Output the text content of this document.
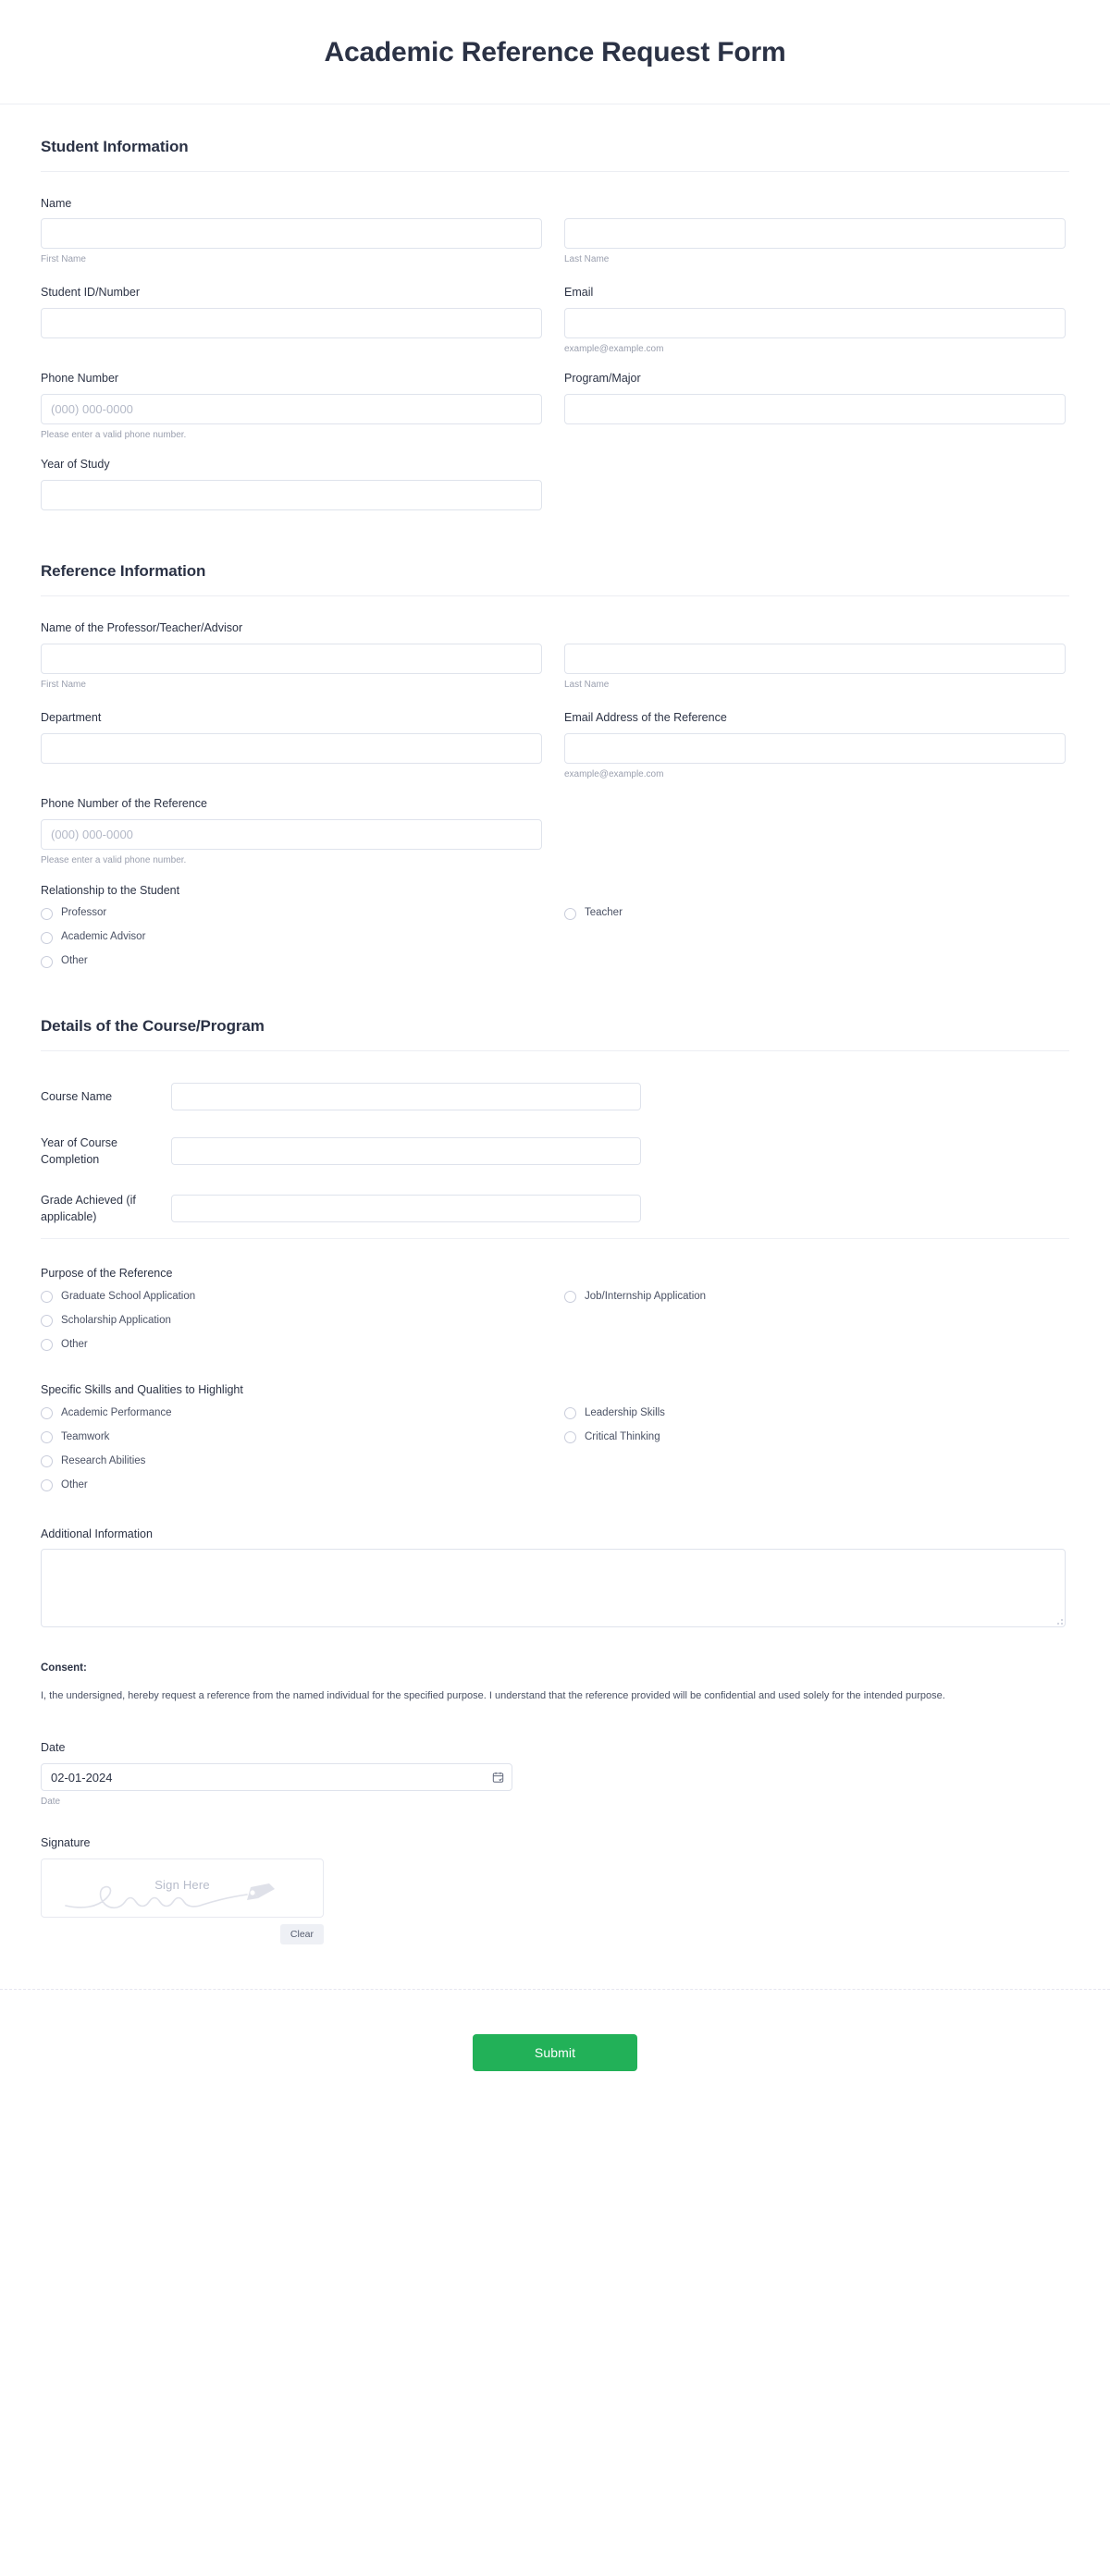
Academic Reference Request Form
Student Information
Name
First Name	Last Name
Student ID/Number	Email
example@example.com
Phone Number
(000) 000-0000
Please enter a valid phone number.
Program/Major
Year of Study
Reference Information
Name of the Professor/Teacher/Advisor
First Name	Last Name
Department	Email Address of the Reference
example@example.com
Phone Number of the Reference
(000) 000-0000
Please enter a valid phone number.
Relationship to the Student
Professor
Academic Advisor
Other
Teacher
Details of the Course/Program
Course Name
Year of Course Completion
Grade Achieved (if applicable)
Purpose of the Reference
Graduate School Application
Scholarship Application
Other
Job/Internship Application
Specific Skills and Qualities to Highlight
Academic Performance
Teamwork
Research Abilities
Other
Leadership Skills
Critical Thinking
Additional Information
Consent:

I, the undersigned, hereby request a reference from the named individual for the specified purpose. I understand that the reference provided will be confidential and used solely for the intended purpose.

Date
02-01-2024
Date
Signature
Sign Here
Clear
Submit
